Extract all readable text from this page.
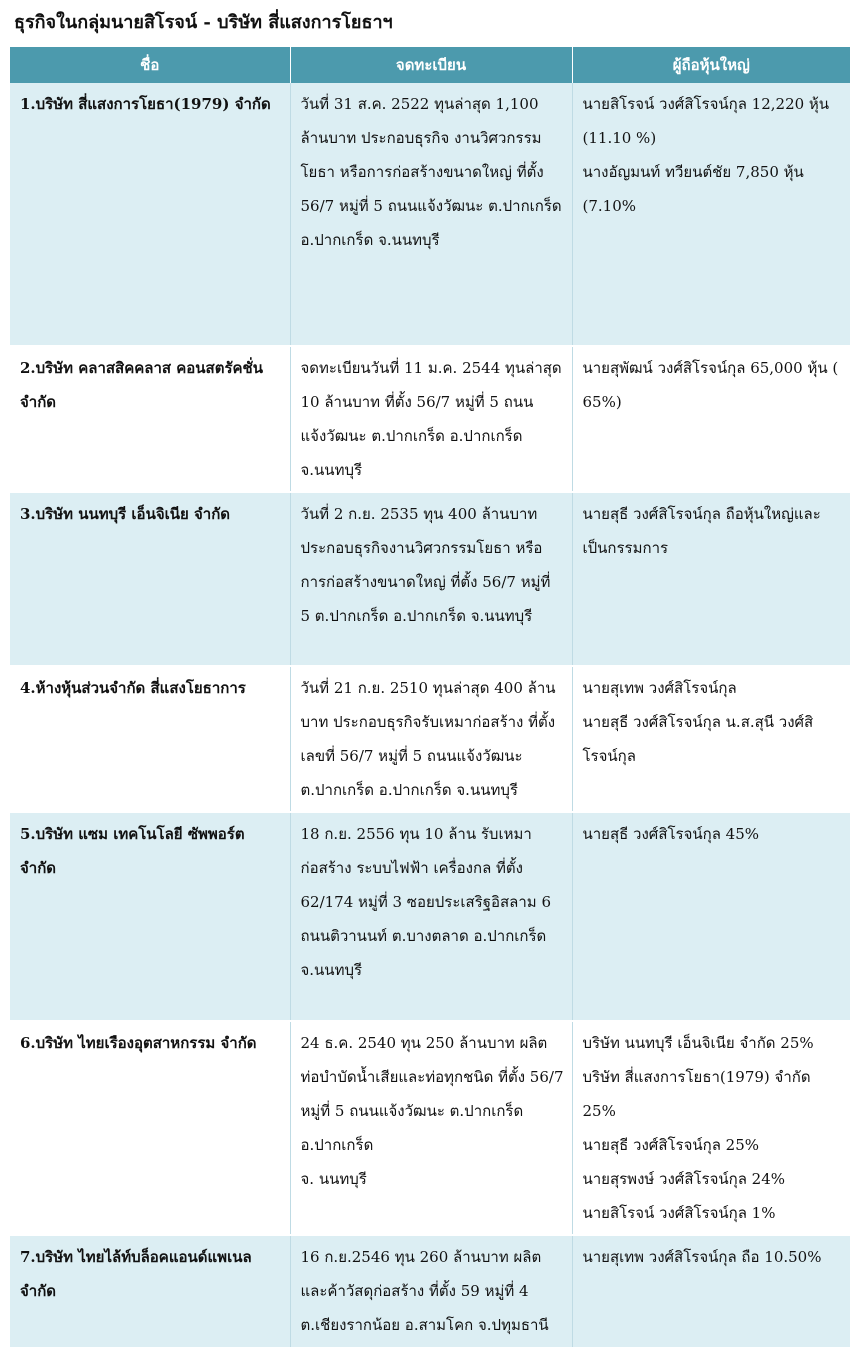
ธุรกิจในกลุ่มนายสิโรจน์ - บริษัท สี่แสงการโยธาฯ
ชื่อ	จดทะเบียน	ผู้ถือหุ้นใหญ่
1.บริษัท สี่แสงการโยธา(1979) จำกัด	วันที่ 31 ส.ค. 2522 ทุนล่าสุด 1,100 ล้านบาท ประกอบธุรกิจ งานวิศวกรรมโยธา หรือการก่อสร้างขนาดใหญ่ ที่ตั้ง 56/7 หมู่ที่ 5 ถนนแจ้งวัฒนะ ต.ปากเกร็ด อ.ปากเกร็ด จ.นนทบุรี	นายสิโรจน์ วงศ์สิโรจน์กุล 12,220 หุ้น (11.10 %)
นางอัญมนท์ ทวียนต์ชัย 7,850 หุ้น (7.10%

2.บริษัท คลาสสิคคลาส คอนสตรัคชั่น จำกัด	จดทะเบียนวันที่ 11 ม.ค. 2544 ทุนล่าสุด 10 ล้านบาท ที่ตั้ง 56/7 หมู่ที่ 5 ถนนแจ้งวัฒนะ ต.ปากเกร็ด อ.ปากเกร็ด จ.นนทบุรี	นายสุพัฒน์ วงศ์สิโรจน์กุล 65,000 หุ้น ( 65%)

3.บริษัท นนทบุรี เอ็นจิเนีย จำกัด	วันที่ 2 ก.ย. 2535 ทุน 400 ล้านบาท ประกอบธุรกิจงานวิศวกรรมโยธา หรือการก่อสร้างขนาดใหญ่ ที่ตั้ง 56/7 หมู่ที่ 5 ต.ปากเกร็ด อ.ปากเกร็ด จ.นนทบุรี	นายสุธี วงศ์สิโรจน์กุล ถือหุ้นใหญ่และเป็นกรรมการ

4.ห้างหุ้นส่วนจำกัด สี่แสงโยธาการ	วันที่ 21 ก.ย. 2510 ทุนล่าสุด 400 ล้านบาท ประกอบธุรกิจรับเหมาก่อสร้าง ที่ตั้งเลขที่ 56/7 หมู่ที่ 5 ถนนแจ้งวัฒนะ ต.ปากเกร็ด อ.ปากเกร็ด จ.นนทบุรี	นายสุเทพ วงศ์สิโรจน์กุล
นายสุธี วงศ์สิโรจน์กุล น.ส.สุนี วงศ์สิโรจน์กุล

5.บริษัท แซม เทคโนโลยี ซัพพอร์ต จำกัด	18 ก.ย. 2556 ทุน 10 ล้าน รับเหมาก่อสร้าง ระบบไฟฟ้า เครื่องกล ที่ตั้ง 62/174 หมู่ที่ 3 ซอยประเสริฐอิสลาม 6 ถนนติวานนท์ ต.บางตลาด อ.ปากเกร็ด
จ.นนทบุรี	นายสุธี วงศ์สิโรจน์กุล 45%

6.บริษัท ไทยเรืองอุตสาหกรรม จำกัด	24 ธ.ค. 2540 ทุน 250 ล้านบาท ผลิตท่อบำบัดน้ำเสียและท่อทุกชนิด ที่ตั้ง 56/7 หมู่ที่ 5 ถนนแจ้งวัฒนะ ต.ปากเกร็ด อ.ปากเกร็ด
จ. นนทบุรี	บริษัท นนทบุรี เอ็นจิเนีย จำกัด 25%
บริษัท สี่แสงการโยธา(1979) จำกัด 25%
นายสุธี วงศ์สิโรจน์กุล 25%
นายสุรพงษ์ วงศ์สิโรจน์กุล 24%
นายสิโรจน์ วงศ์สิโรจน์กุล 1%

7.บริษัท ไทยไล้ท์บล็อคแอนด์แพเนล จำกัด	16 ก.ย.2546 ทุน 260 ล้านบาท ผลิตและค้าวัสดุก่อสร้าง ที่ตั้ง 59 หมู่ที่ 4 ต.เชียงรากน้อย อ.สามโคก จ.ปทุมธานี	นายสุเทพ วงศ์สิโรจน์กุล ถือ 10.50%
